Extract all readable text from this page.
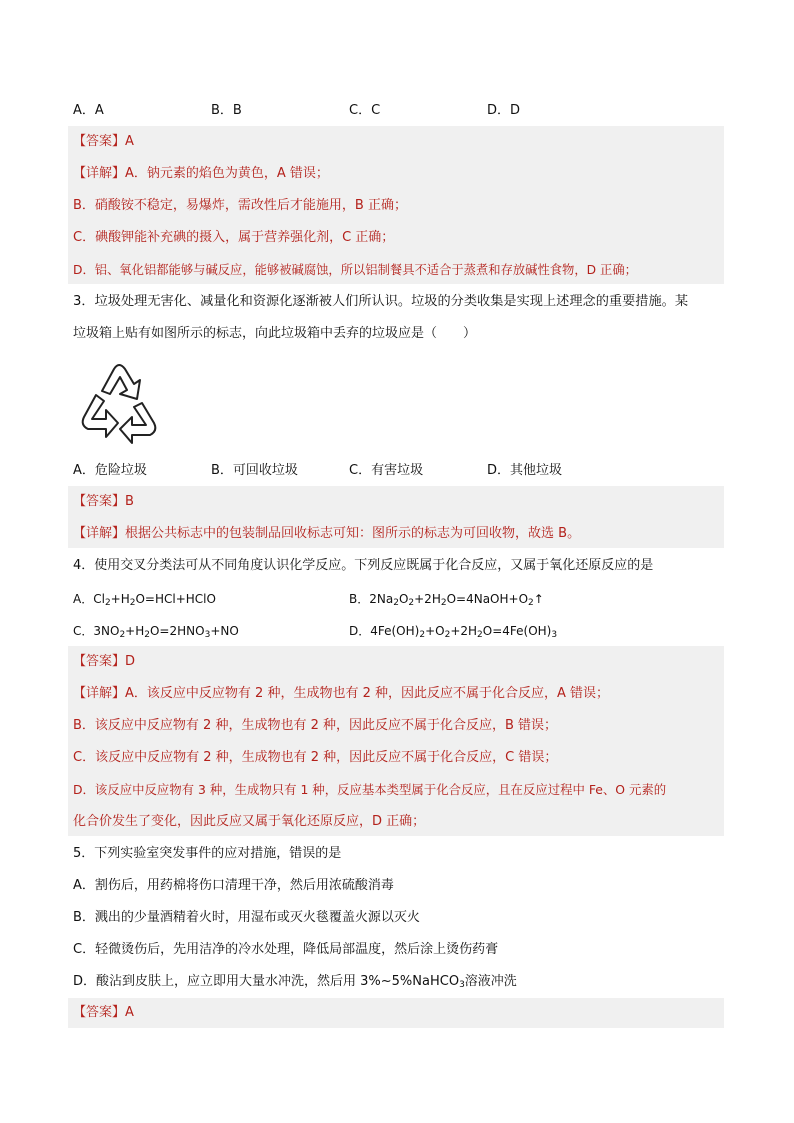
A．A	B．B	C．C	D．D
【答案】A
【详解】A．钠元素的焰色为黄色，A 错误；
B．硝酸铵不稳定，易爆炸，需改性后才能施用，B 正确；
C．碘酸钾能补充碘的摄入，属于营养强化剂，C 正确；
D．铝、氧化铝都能够与碱反应，能够被碱腐蚀，所以铝制餐具不适合于蒸煮和存放碱性食物，D 正确；
3．垃圾处理无害化、减量化和资源化逐渐被人们所认识。垃圾的分类收集是实现上述理念的重要措施。某
垃圾箱上贴有如图所示的标志，向此垃圾箱中丢弃的垃圾应是（　　）
A．危险垃圾	B．可回收垃圾	C．有害垃圾	D．其他垃圾
【答案】B
【详解】根据公共标志中的包装制品回收标志可知：图所示的标志为可回收物，故选 B。
4．使用交叉分类法可从不同角度认识化学反应。下列反应既属于化合反应，又属于氧化还原反应的是
A．$Cl_2+H_2O=HCl+HClO$	B．$2Na_2O_2+2H_2O=4NaOH+O_2↑$
C．$3NO_2+H_2O=2HNO_3+NO$	D．$4Fe(OH)_2+O_2+2H_2O=4Fe(OH)_3$
【答案】D
【详解】A．该反应中反应物有 2 种，生成物也有 2 种，因此反应不属于化合反应，A 错误；
B．该反应中反应物有 2 种，生成物也有 2 种，因此反应不属于化合反应，B 错误；
C．该反应中反应物有 2 种，生成物也有 2 种，因此反应不属于化合反应，C 错误；
D．该反应中反应物有 3 种，生成物只有 1 种，反应基本类型属于化合反应，且在反应过程中 Fe、O 元素的
化合价发生了变化，因此反应又属于氧化还原反应，D 正确；
5．下列实验室突发事件的应对措施，错误的是
A．割伤后，用药棉将伤口清理干净，然后用浓硫酸消毒
B．溅出的少量酒精着火时，用湿布或灭火毯覆盖火源以灭火
C．轻微烫伤后，先用洁净的冷水处理，降低局部温度，然后涂上烫伤药膏
D．酸沾到皮肤上，应立即用大量水冲洗，然后用 3%~5%NaHCO$_3$溶液冲洗
【答案】A
